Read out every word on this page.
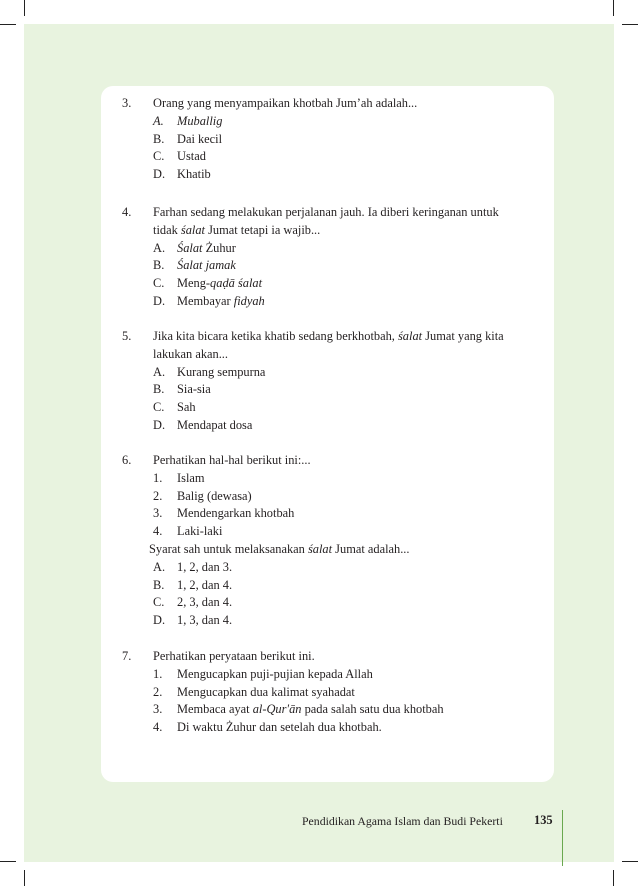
3.	Orang yang menyampaikan khotbah Jum’ah adalah...
A.	Muballig
B.	Dai kecil
C.	Ustad
D. Khatib
4.	Farhan sedang melakukan perjalanan jauh. Ia diberi keringanan untuk
tidak śalat Jumat tetapi ia wajib...
A. Śalat Żuhur
B.	Śalat jamak
C.	Meng-qaḍā śalat
D. Membayar fidyah
5.	Jika kita bicara ketika khatib sedang berkhotbah, śalat Jumat yang kita
lakukan akan...
A. Kurang sempurna
B.	Sia-sia
C.	Sah
D. Mendapat dosa
6.	Perhatikan hal-hal berikut ini:...
1.	Islam
2.	Balig (dewasa)
3.	Mendengarkan khotbah
4.	Laki-laki
Syarat sah untuk melaksanakan śalat Jumat adalah...
A. 1, 2, dan 3.
B.	1, 2, dan 4.
C.	2, 3, dan 4.
D. 1, 3, dan 4.
7.	Perhatikan peryataan berikut ini.
1.	Mengucapkan puji-pujian kepada Allah
2.	Mengucapkan dua kalimat syahadat
3.	Membaca ayat al-Qur'ān pada salah satu dua khotbah
4.	Di waktu Żuhur dan setelah dua khotbah.
Pendidikan Agama Islam dan Budi Pekerti	135
